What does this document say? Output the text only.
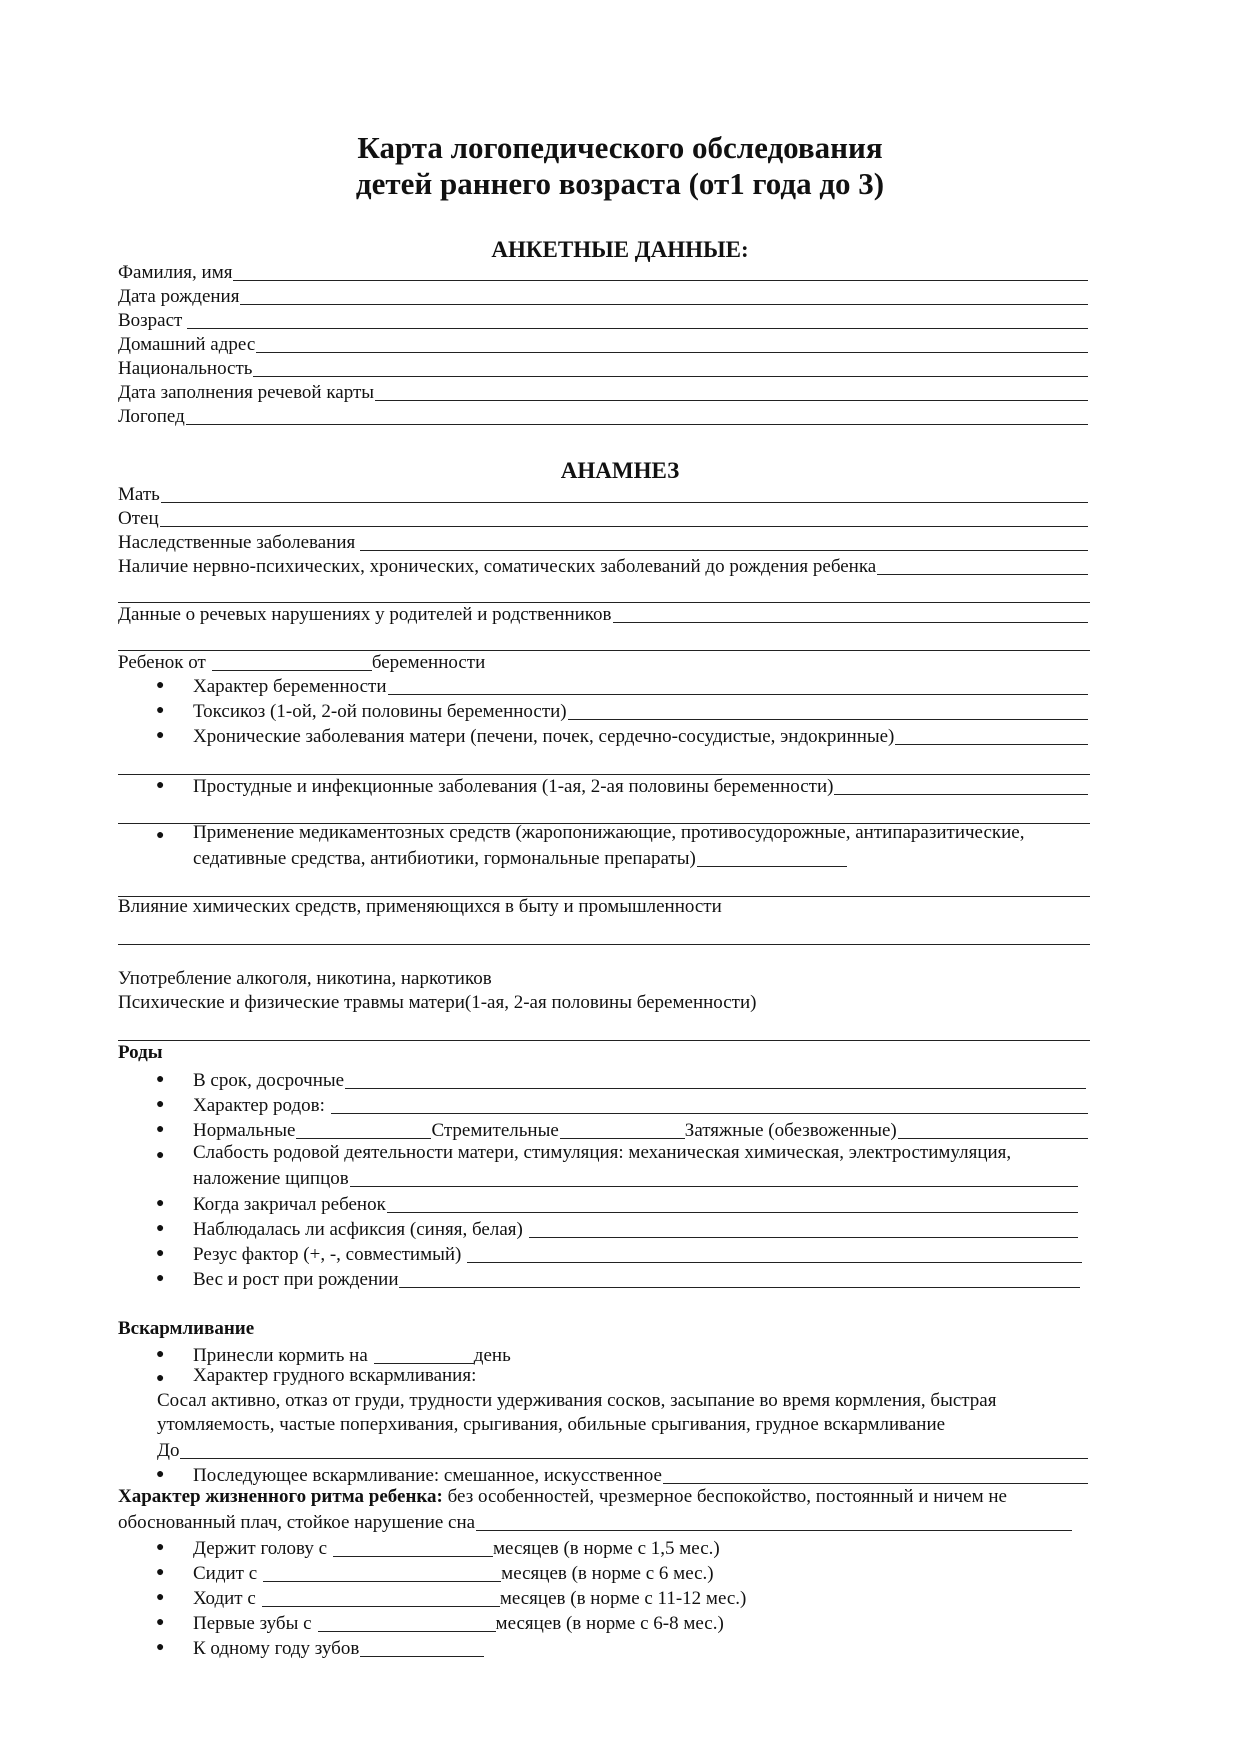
Карта логопедического обследования
детей раннего возраста (от1 года до 3)
АНКЕТНЫЕ ДАННЫЕ:
Фамилия, имя
Дата рождения
Возраст
Домашний адрес
Национальность
Дата заполнения речевой карты
Логопед
АНАМНЕЗ
Мать
Отец
Наследственные заболевания
Наличие нервно-психических, хронических, соматических заболеваний до рождения ребенка
Данные о речевых нарушениях у родителей и родственников
Ребенок от	беременности
● Характер беременности
● Токсикоз (1-ой, 2-ой половины беременности)
● Хронические заболевания матери (печени, почек, сердечно-сосудистые, эндокринные)
● Простудные и инфекционные заболевания (1-ая, 2-ая половины беременности)
● Применение медикаментозных средств (жаропонижающие, противосудорожные, антипаразитические,
седативные средства, антибиотики, гормональные препараты)
Влияние химических средств, применяющихся в быту и промышленности
Употребление алкоголя, никотина, наркотиков
Психические и физические травмы матери(1-ая, 2-ая половины беременности)
Роды
● В срок, досрочные
● Характер родов:
● Нормальные	Стремительные	Затяжные (обезвоженные)
● Слабость родовой деятельности матери, стимуляция: механическая химическая, электростимуляция,
наложение щипцов
● Когда закричал ребенок
● Наблюдалась ли асфиксия (синяя, белая)
● Резус фактор (+, -, совместимый)
● Вес и рост при рождении
Вскармливание
● Принесли кормить на	день
● Характер грудного вскармливания:
Сосал активно, отказ от груди, трудности удерживания сосков, засыпание во время кормления, быстрая
утомляемость, частые поперхивания, срыгивания, обильные срыгивания, грудное вскармливание
До
● Последующее вскармливание: смешанное, искусственное
Характер жизненного ритма ребенка: без особенностей, чрезмерное беспокойство, постоянный и ничем не
обоснованный плач, стойкое нарушение сна
● Держит голову с	месяцев (в норме с 1,5 мес.)
● Сидит с	месяцев (в норме с 6 мес.)
● Ходит с	месяцев (в норме с 11-12 мес.)
● Первые зубы с	месяцев (в норме с 6-8 мес.)
● К одному году зубов
